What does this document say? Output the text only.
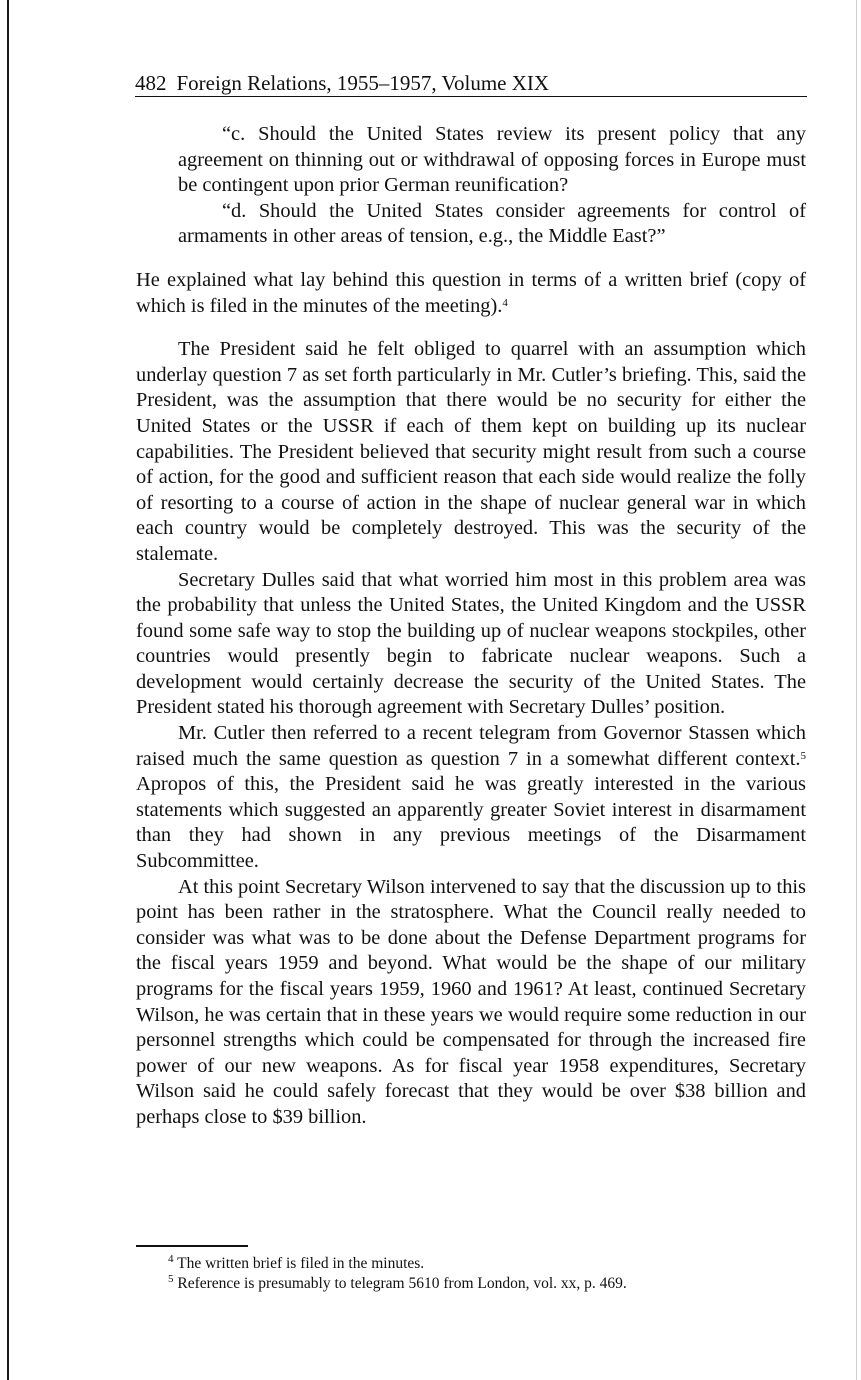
482 Foreign Relations, 1955–1957, Volume XIX

“c. Should the United States review its present policy that any agreement on thinning out or withdrawal of opposing forces in Europe must be contingent upon prior German reunification?

“d. Should the United States consider agreements for control of armaments in other areas of tension, e.g., the Middle East?”

He explained what lay behind this question in terms of a written brief (copy of which is filed in the minutes of the meeting).$^4$

The President said he felt obliged to quarrel with an assumption which underlay question 7 as set forth particularly in Mr. Cutler’s briefing. This, said the President, was the assumption that there would be no security for either the United States or the USSR if each of them kept on building up its nuclear capabilities. The President believed that security might result from such a course of action, for the good and sufficient reason that each side would realize the folly of resorting to a course of action in the shape of nuclear general war in which each country would be completely destroyed. This was the security of the stalemate.

Secretary Dulles said that what worried him most in this problem area was the probability that unless the United States, the United Kingdom and the USSR found some safe way to stop the building up of nuclear weapons stockpiles, other countries would presently begin to fabricate nuclear weapons. Such a development would certainly decrease the security of the United States. The President stated his thorough agreement with Secretary Dulles’ position.

Mr. Cutler then referred to a recent telegram from Governor Stassen which raised much the same question as question 7 in a somewhat different context.$^5$ Apropos of this, the President said he was greatly interested in the various statements which suggested an apparently greater Soviet interest in disarmament than they had shown in any previous meetings of the Disarmament Subcommittee.

At this point Secretary Wilson intervened to say that the discussion up to this point has been rather in the stratosphere. What the Council really needed to consider was what was to be done about the Defense Department programs for the fiscal years 1959 and beyond. What would be the shape of our military programs for the fiscal years 1959, 1960 and 1961? At least, continued Secretary Wilson, he was certain that in these years we would require some reduction in our personnel strengths which could be compensated for through the increased fire power of our new weapons. As for fiscal year 1958 expenditures, Secretary Wilson said he could safely forecast that they would be over $38 billion and perhaps close to $39 billion.

$^4$ The written brief is filed in the minutes.
$^5$ Reference is presumably to telegram 5610 from London, vol. xx, p. 469.
